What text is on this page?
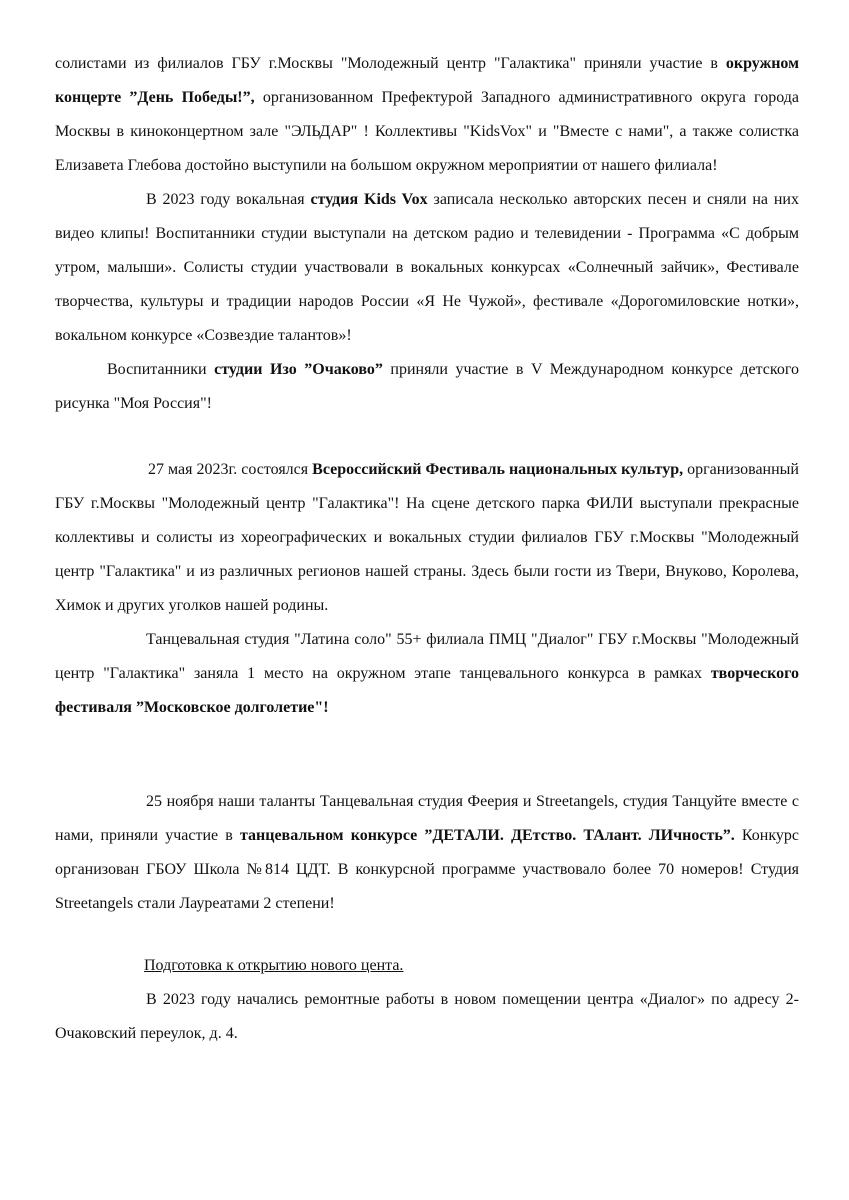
солистами из филиалов ГБУ г.Москвы "Молодежный центр "Галактика" приняли участие в окружном концерте ”День Победы!”, организованном Префектурой Западного административного округа города Москвы в киноконцертном зале "ЭЛЬДАР" ! Коллективы "KidsVox" и "Вместе с нами", а также солистка Елизавета Глебова достойно выступили на большом окружном мероприятии от нашего филиала!

В 2023 году вокальная студия Kids Vox записала несколько авторских песен и сняли на них видео клипы! Воспитанники студии выступали на детском радио и телевидении - Программа «С добрым утром, малыши». Солисты студии участвовали в вокальных конкурсах «Солнечный зайчик», Фестивале творчества, культуры и традиции народов России «Я Не Чужой», фестивале «Дорогомиловские нотки», вокальном конкурсе «Созвездие талантов»!

Воспитанники студии Изо ”Очаково” приняли участие в V Международном конкурсе детского рисунка "Моя Россия"!

27 мая 2023г. состоялся Всероссийский Фестиваль национальных культур, организованный ГБУ г.Москвы "Молодежный центр "Галактика"! На сцене детского парка ФИЛИ выступали прекрасные коллективы и солисты из хореографических и вокальных студии филиалов ГБУ г.Москвы "Молодежный центр "Галактика" и из различных регионов нашей страны. Здесь были гости из Твери, Внуково, Королева, Химок и других уголков нашей родины.

Танцевальная студия "Латина соло" 55+ филиала ПМЦ "Диалог" ГБУ г.Москвы "Молодежный центр "Галактика" заняла 1 место на окружном этапе танцевального конкурса в рамках творческого фестиваля ”Московское долголетие"!

25 ноября наши таланты Танцевальная студия Феерия и Streetangels, студия Танцуйте вместе с нами, приняли участие в танцевальном конкурсе ”ДЕТАЛИ. ДЕтство. ТАлант. ЛИчность”. Конкурс организован ГБОУ Школа №814 ЦДТ. В конкурсной программе участвовало более 70 номеров! Студия Streetangels стали Лауреатами 2 степени!

Подготовка к открытию нового цента.

В 2023 году начались ремонтные работы в новом помещении центра «Диалог» по адресу 2-Очаковский переулок, д. 4.
